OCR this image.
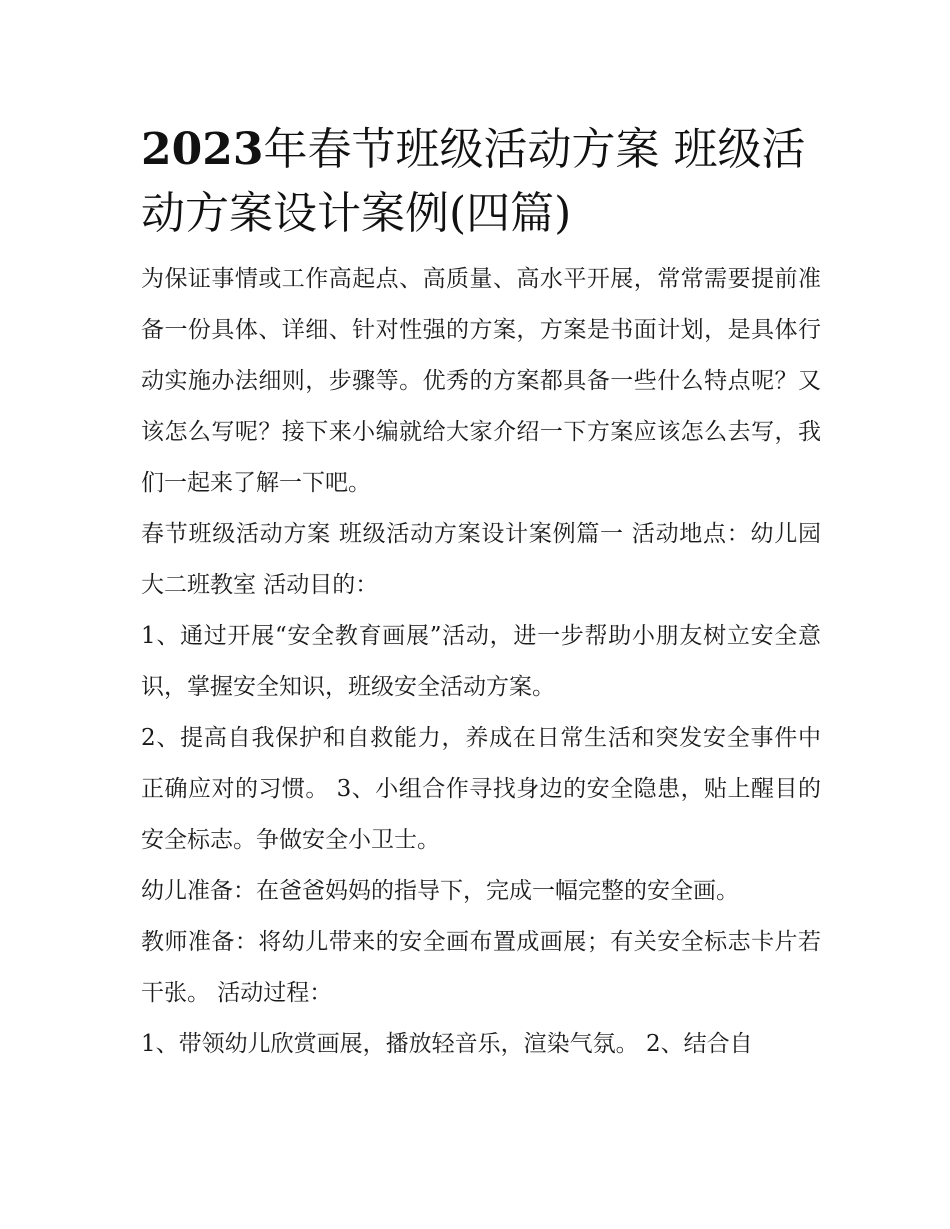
2023年春节班级活动方案 班级活动方案设计案例(四篇)

为保证事情或工作高起点、高质量、高水平开展，常常需要提前准备一份具体、详细、针对性强的方案，方案是书面计划，是具体行动实施办法细则，步骤等。优秀的方案都具备一些什么特点呢？又该怎么写呢？接下来小编就给大家介绍一下方案应该怎么去写，我们一起来了解一下吧。

春节班级活动方案 班级活动方案设计案例篇一 活动地点：幼儿园大二班教室 活动目的：

1、通过开展“安全教育画展”活动，进一步帮助小朋友树立安全意识，掌握安全知识，班级安全活动方案。

2、提高自我保护和自救能力，养成在日常生活和突发安全事件中正确应对的习惯。 3、小组合作寻找身边的安全隐患，贴上醒目的安全标志。争做安全小卫士。

幼儿准备：在爸爸妈妈的指导下，完成一幅完整的安全画。

教师准备：将幼儿带来的安全画布置成画展；有关安全标志卡片若干张。 活动过程：

1、带领幼儿欣赏画展，播放轻音乐，渲染气氛。 2、结合自
